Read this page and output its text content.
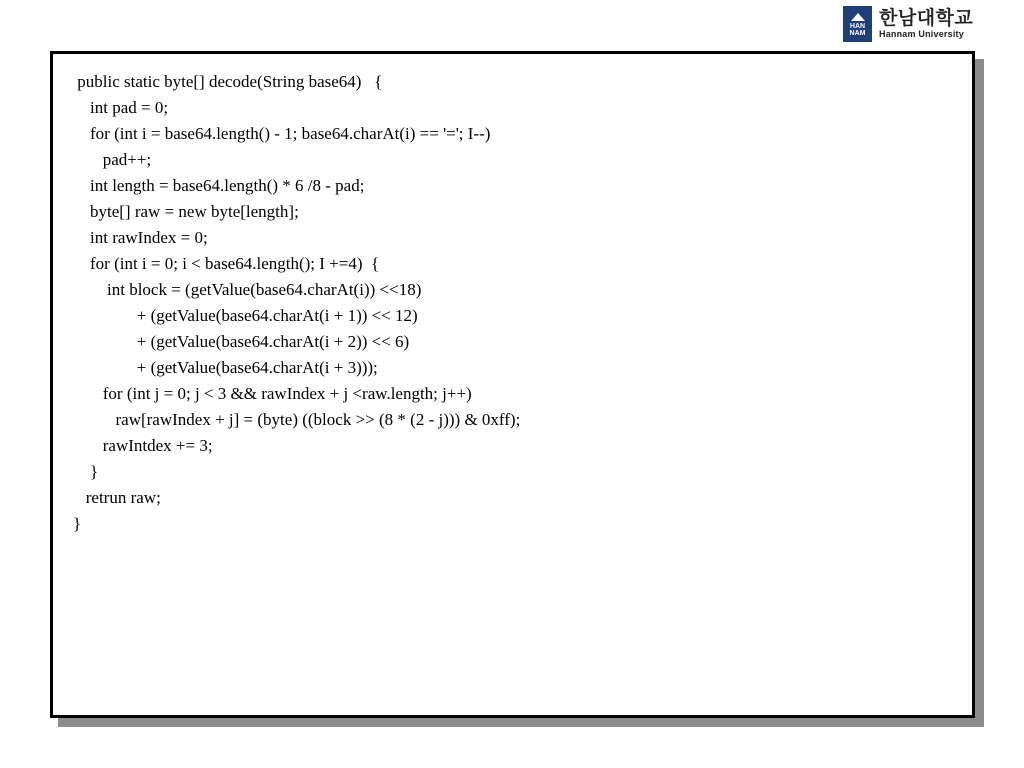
HAN
NAM
한남대학교
Hannam University
public static byte[] decode(String base64)   {
int pad = 0;
for (int i = base64.length() - 1; base64.charAt(i) == '='; I--)
pad++;
int length = base64.length() * 6 /8 - pad;
byte[] raw = new byte[length];
int rawIndex = 0;
for (int i = 0; i < base64.length(); I +=4)  {
int block = (getValue(base64.charAt(i)) <<18)
+ (getValue(base64.charAt(i + 1)) << 12)
+ (getValue(base64.charAt(i + 2)) << 6)
+ (getValue(base64.charAt(i + 3)));
for (int j = 0; j < 3 && rawIndex + j <raw.length; j++)
raw[rawIndex + j] = (byte) ((block >> (8 * (2 - j))) & 0xff);
rawIntdex += 3;
}
retrun raw;
}
